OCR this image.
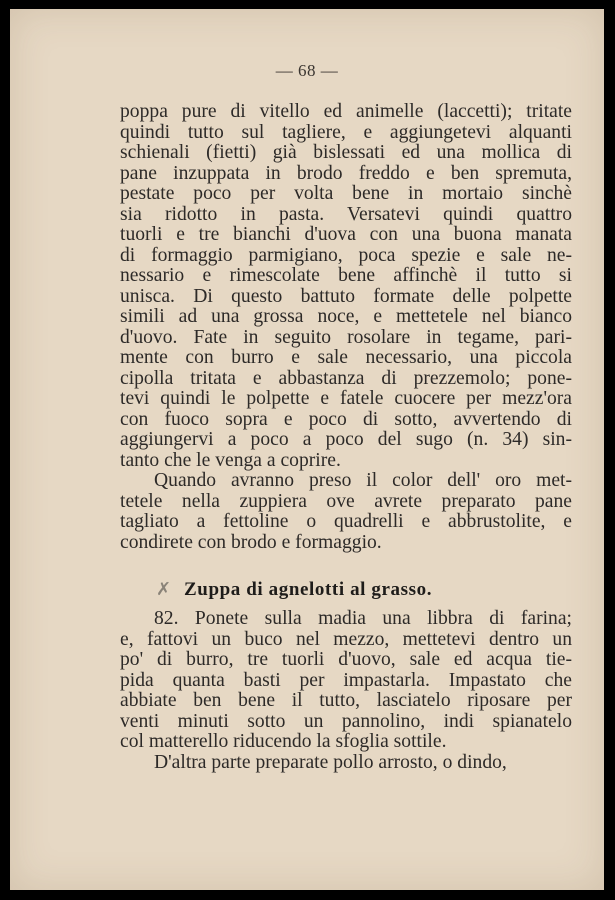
— 68 —
poppa pure di vitello ed animelle (laccetti); tritate
quindi tutto sul tagliere, e aggiungetevi alquanti
schienali (fietti) già bislessati ed una mollica di
pane inzuppata in brodo freddo e ben spremuta,
pestate poco per volta bene in mortaio sinchè
sia ridotto in pasta. Versatevi quindi quattro
tuorli e tre bianchi d'uova con una buona manata
di formaggio parmigiano, poca spezie e sale ne-
nessario e rimescolate bene affinchè il tutto si
unisca. Di questo battuto formate delle polpette
simili ad una grossa noce, e mettetele nel bianco
d'uovo. Fate in seguito rosolare in tegame, pari-
mente con burro e sale necessario, una piccola
cipolla tritata e abbastanza di prezzemolo; pone-
tevi quindi le polpette e fatele cuocere per mezz'ora
con fuoco sopra e poco di sotto, avvertendo di
aggiungervi a poco a poco del sugo (n. 34) sin-
tanto che le venga a coprire.
Quando avranno preso il color dell' oro met-
tetele nella zuppiera ove avrete preparato pane
tagliato a fettoline o quadrelli e abbrustolite, e
condirete con brodo e formaggio.
✗ Zuppa di agnelotti al grasso.
82. Ponete sulla madia una libbra di farina;
e, fattovi un buco nel mezzo, mettetevi dentro un
po' di burro, tre tuorli d'uovo, sale ed acqua tie-
pida quanta basti per impastarla. Impastato che
abbiate ben bene il tutto, lasciatelo riposare per
venti minuti sotto un pannolino, indi spianatelo
col matterello riducendo la sfoglia sottile.
D'altra parte preparate pollo arrosto, o dindo,
